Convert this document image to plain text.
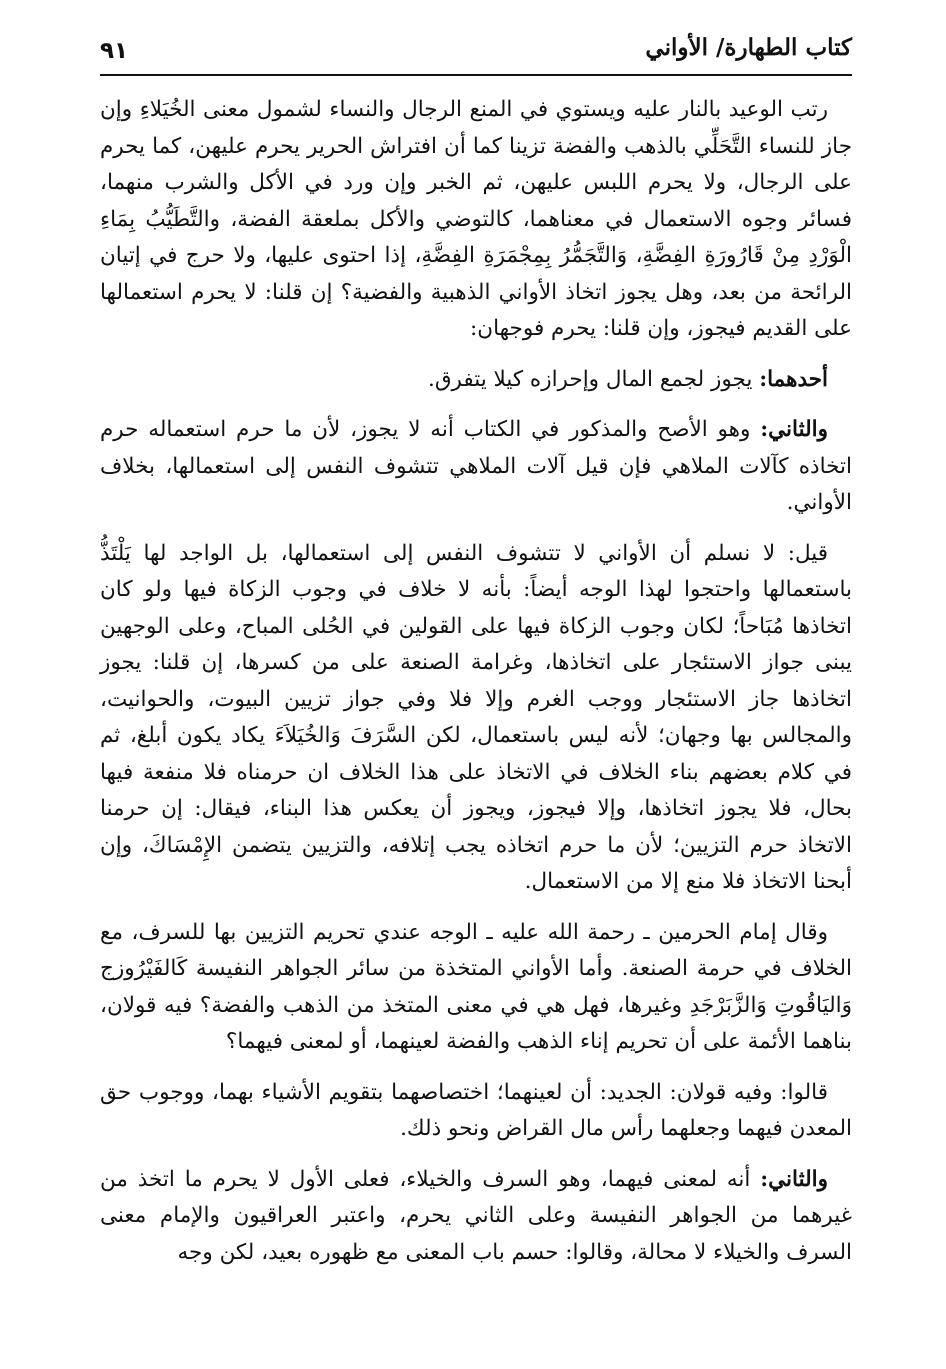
كتاب الطهارة/ الأواني
٩١

رتب الوعيد بالنار عليه ويستوي في المنع الرجال والنساء لشمول معنى الخُيَلاءِ وإن جاز للنساء التَّحَلِّي بالذهب والفضة تزينا كما أن افتراش الحرير يحرم عليهن، كما يحرم على الرجال، ولا يحرم اللبس عليهن، ثم الخبر وإن ورد في الأكل والشرب منهما، فسائر وجوه الاستعمال في معناهما، كالتوضي والأكل بملعقة الفضة، والتَّطَيُّبُ بِمَاءِ الْوَرْدِ مِنْ قَارُورَةِ الفِضَّةِ، وَالتَّجَمُّرُ بِمِجْمَرَةِ الفِضَّةِ، إذا احتوى عليها، ولا حرج في إتيان الرائحة من بعد، وهل يجوز اتخاذ الأواني الذهبية والفضية؟ إن قلنا: لا يحرم استعمالها على القديم فيجوز، وإن قلنا: يحرم فوجهان:

أحدهما: يجوز لجمع المال وإحرازه كيلا يتفرق.

والثاني: وهو الأصح والمذكور في الكتاب أنه لا يجوز، لأن ما حرم استعماله حرم اتخاذه كآلات الملاهي فإن قيل آلات الملاهي تتشوف النفس إلى استعمالها، بخلاف الأواني.

قيل: لا نسلم أن الأواني لا تتشوف النفس إلى استعمالها، بل الواجد لها يَلْتَذُّ باستعمالها واحتجوا لهذا الوجه أيضاً: بأنه لا خلاف في وجوب الزكاة فيها ولو كان اتخاذها مُبَاحاً؛ لكان وجوب الزكاة فيها على القولين في الحُلى المباح، وعلى الوجهين يبنى جواز الاستئجار على اتخاذها، وغرامة الصنعة على من كسرها، إن قلنا: يجوز اتخاذها جاز الاستئجار ووجب الغرم وإلا فلا وفي جواز تزيين البيوت، والحوانيت، والمجالس بها وجهان؛ لأنه ليس باستعمال، لكن السَّرَفَ وَالخُيَلاَءَ يكاد يكون أبلغ، ثم في كلام بعضهم بناء الخلاف في الاتخاذ على هذا الخلاف ان حرمناه فلا منفعة فيها بحال، فلا يجوز اتخاذها، وإلا فيجوز، ويجوز أن يعكس هذا البناء، فيقال: إن حرمنا الاتخاذ حرم التزيين؛ لأن ما حرم اتخاذه يجب إتلافه، والتزيين يتضمن الإِمْسَاكَ، وإن أبحنا الاتخاذ فلا منع إلا من الاستعمال.

وقال إمام الحرمين ـ رحمة الله عليه ـ الوجه عندي تحريم التزيين بها للسرف، مع الخلاف في حرمة الصنعة. وأما الأواني المتخذة من سائر الجواهر النفيسة كَالفَيْرُوزج وَاليَاقُوتِ وَالزَّبَرْجَدِ وغيرها، فهل هي في معنى المتخذ من الذهب والفضة؟ فيه قولان، بناهما الأئمة على أن تحريم إناء الذهب والفضة لعينهما، أو لمعنى فيهما؟

قالوا: وفيه قولان: الجديد: أن لعينهما؛ اختصاصهما بتقويم الأشياء بهما، ووجوب حق المعدن فيهما وجعلهما رأس مال القراض ونحو ذلك.

والثاني: أنه لمعنى فيهما، وهو السرف والخيلاء، فعلى الأول لا يحرم ما اتخذ من غيرهما من الجواهر النفيسة وعلى الثاني يحرم، واعتبر العراقيون والإمام معنى السرف والخيلاء لا محالة، وقالوا: حسم باب المعنى مع ظهوره بعيد، لكن وجه
